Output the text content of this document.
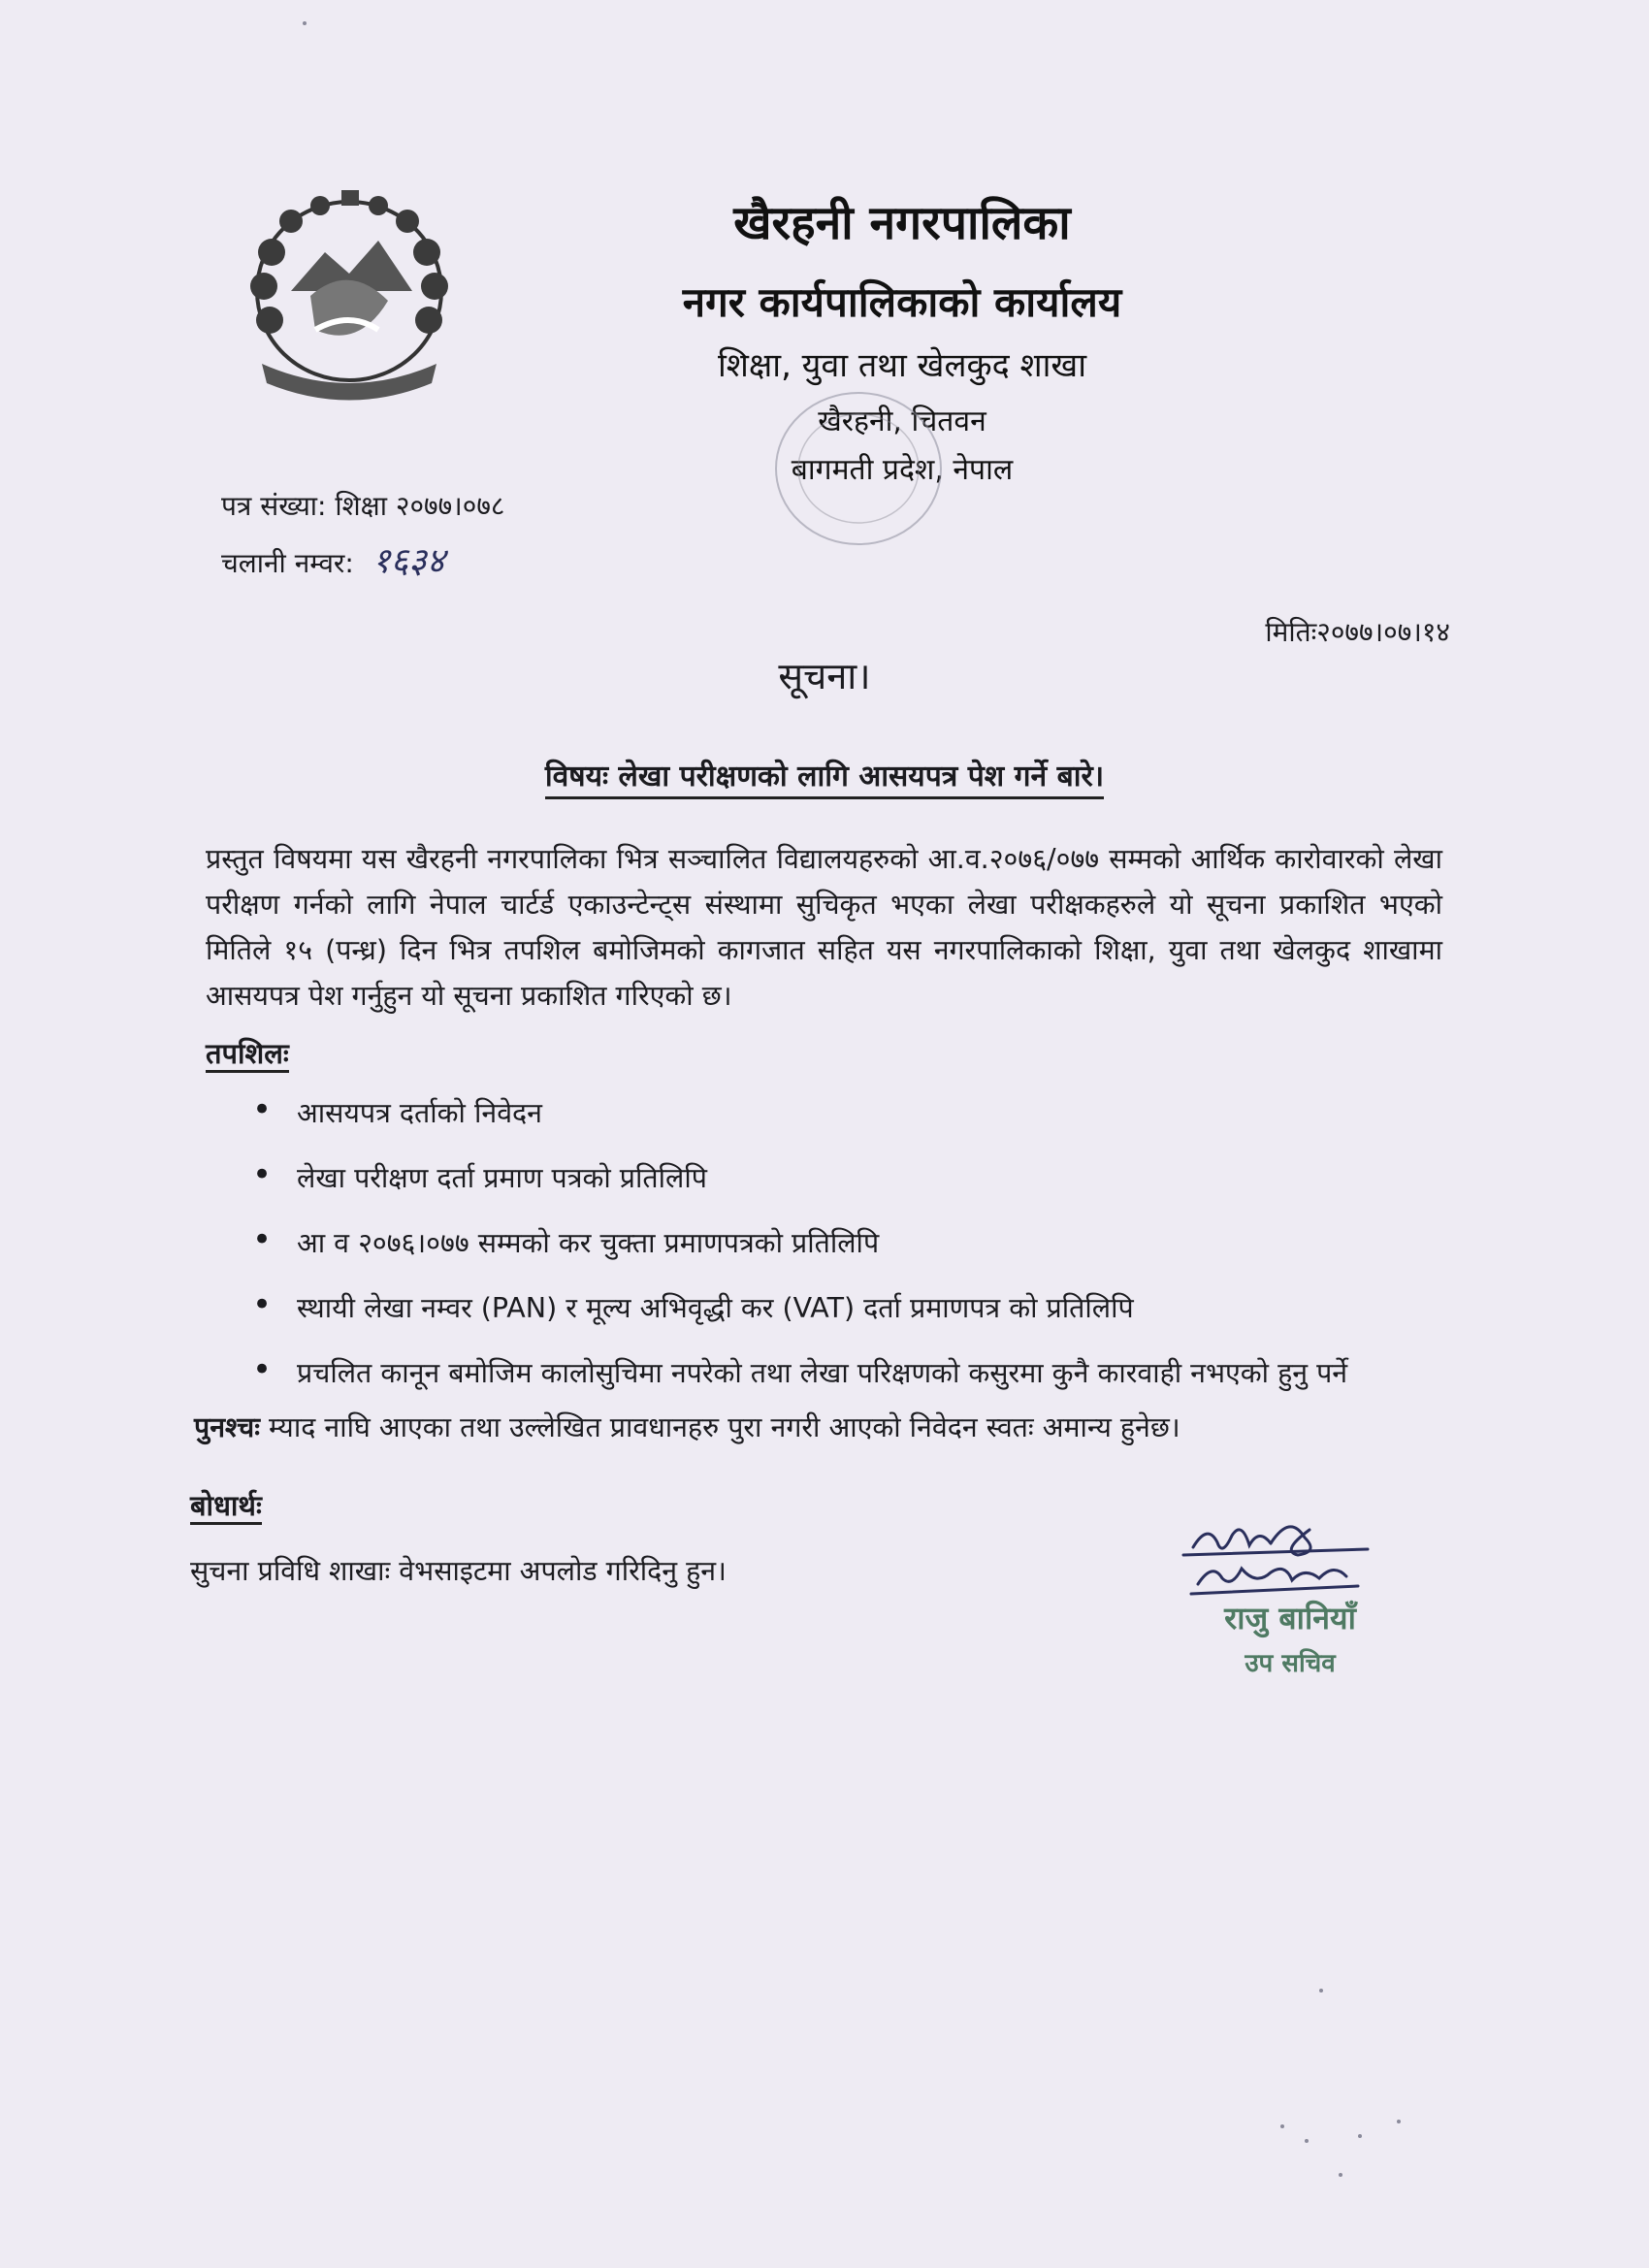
खैरहनी नगरपालिका
नगर कार्यपालिकाको कार्यालय
शिक्षा, युवा तथा खेलकुद शाखा
खैरहनी, चितवन
बागमती प्रदेश, नेपाल
पत्र संख्या: शिक्षा २०७७।०७८
चलानी नम्वर: १६३४
मितिः२०७७।०७।१४
सूचना।
विषयः लेखा परीक्षणको लागि आसयपत्र पेश गर्ने बारे।

प्रस्तुत विषयमा यस खैरहनी नगरपालिका भित्र सञ्चालित विद्यालयहरुको आ.व.२०७६/०७७ सम्मको आर्थिक कारोवारको लेखा परीक्षण गर्नको लागि नेपाल चार्टर्ड एकाउन्टेन्ट्स संस्थामा सुचिकृत भएका लेखा परीक्षकहरुले यो सूचना प्रकाशित भएको मितिले १५ (पन्ध्र) दिन भित्र तपशिल बमोजिमको कागजात सहित यस नगरपालिकाको शिक्षा, युवा तथा खेलकुद शाखामा आसयपत्र पेश गर्नुहुन यो सूचना प्रकाशित गरिएको छ।

तपशिलः
• आसयपत्र दर्ताको निवेदन
• लेखा परीक्षण दर्ता प्रमाण पत्रको प्रतिलिपि
• आ व २०७६।०७७ सम्मको कर चुक्ता प्रमाणपत्रको प्रतिलिपि
• स्थायी लेखा नम्वर (PAN) र मूल्य अभिवृद्धी कर (VAT) दर्ता प्रमाणपत्र को प्रतिलिपि
• प्रचलित कानून बमोजिम कालोसुचिमा नपरेको तथा लेखा परिक्षणको कसुरमा कुनै कारवाही नभएको हुनु पर्ने
पुनश्चः म्याद नाघि आएका तथा उल्लेखित प्रावधानहरु पुरा नगरी आएको निवेदन स्वतः अमान्य हुनेछ।
बोधार्थः
सुचना प्रविधि शाखाः वेभसाइटमा अपलोड गरिदिनु हुन।
राजु बानियाँ
उप सचिव
